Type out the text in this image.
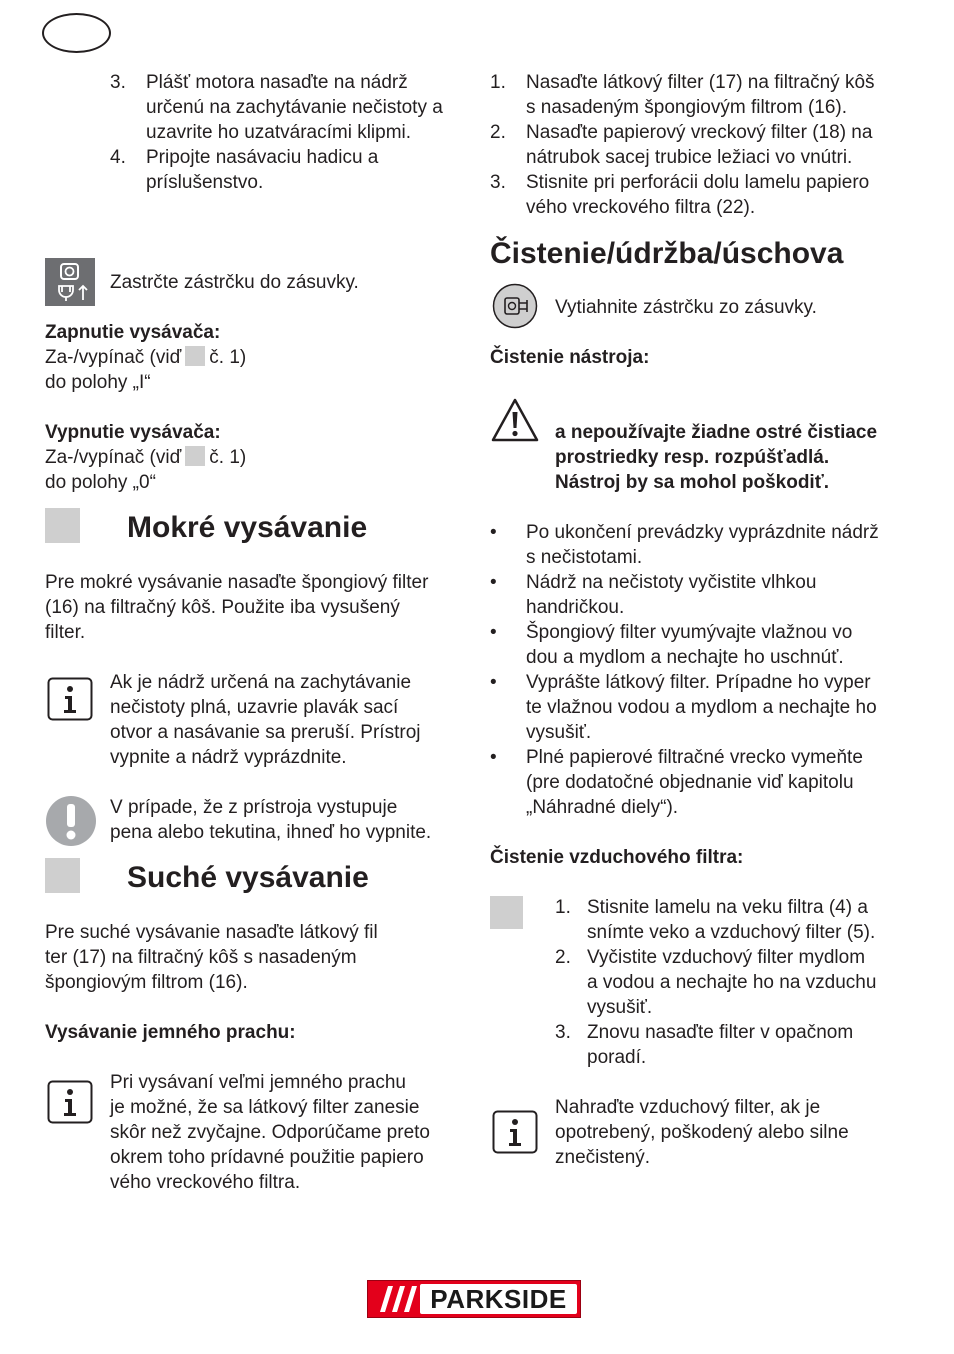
3. Plášť motora nasaďte na nádrž
určenú na zachytávanie nečistoty a
uzavrite ho uzatváracími klipmi.
4. Pripojte nasávaciu hadicu a
príslušenstvo.
Zastrčte zástrčku do zásuvky.
Zapnutie vysávača:
Za-/vypínač (viď č. 1)
do polohy „I“
Vypnutie vysávača:
Za-/vypínač (viď č. 1)
do polohy „0“
Mokré vysávanie
Pre mokré vysávanie nasaďte špongiový filter
(16) na filtračný kôš. Použite iba vysušený
filter.
Ak je nádrž určená na zachytávanie
nečistoty plná, uzavrie plavák sací
otvor a nasávanie sa preruší. Prístroj
vypnite a nádrž vyprázdnite.
V prípade, že z prístroja vystupuje
pena alebo tekutina, ihneď ho vypnite.
Suché vysávanie
Pre suché vysávanie nasaďte látkový fil
ter (17) na filtračný kôš s nasadeným
špongiovým filtrom (16).
Vysávanie jemného prachu:
Pri vysávaní veľmi jemného prachu
je možné, že sa látkový filter zanesie
skôr než zvyčajne. Odporúčame preto
okrem toho prídavné použitie papiero
vého vreckového filtra.
1. Nasaďte látkový filter (17) na filtračný kôš
s nasadeným špongiovým filtrom (16).
2. Nasaďte papierový vreckový filter (18) na
nátrubok sacej trubice ležiaci vo vnútri.
3. Stisnite pri perforácii dolu lamelu papiero
vého vreckového filtra (22).
Čistenie/údržba/úschova
Vytiahnite zástrčku zo zásuvky.
Čistenie nástroja:
a nepoužívajte žiadne ostré čistiace
prostriedky resp. rozpúšťadlá.
Nástroj by sa mohol poškodiť.
• Po ukončení prevádzky vyprázdnite nádrž
s nečistotami.
• Nádrž na nečistoty vyčistite vlhkou
handričkou.
• Špongiový filter vyumývajte vlažnou vo
dou a mydlom a nechajte ho uschnúť.
• Vyprášte látkový filter. Prípadne ho vyper
te vlažnou vodou a mydlom a nechajte ho
vysušiť.
• Plné papierové filtračné vrecko vymeňte
(pre dodatočné objednanie viď kapitolu
„Náhradné diely“).
Čistenie vzduchového filtra:
1. Stisnite lamelu na veku filtra (4) a
snímte veko a vzduchový filter (5).
2. Vyčistite vzduchový filter mydlom
a vodou a nechajte ho na vzduchu
vysušiť.
3. Znovu nasaďte filter v opačnom
poradí.
Nahraďte vzduchový filter, ak je
opotrebený, poškodený alebo silne
znečistený.
PARKSIDE
